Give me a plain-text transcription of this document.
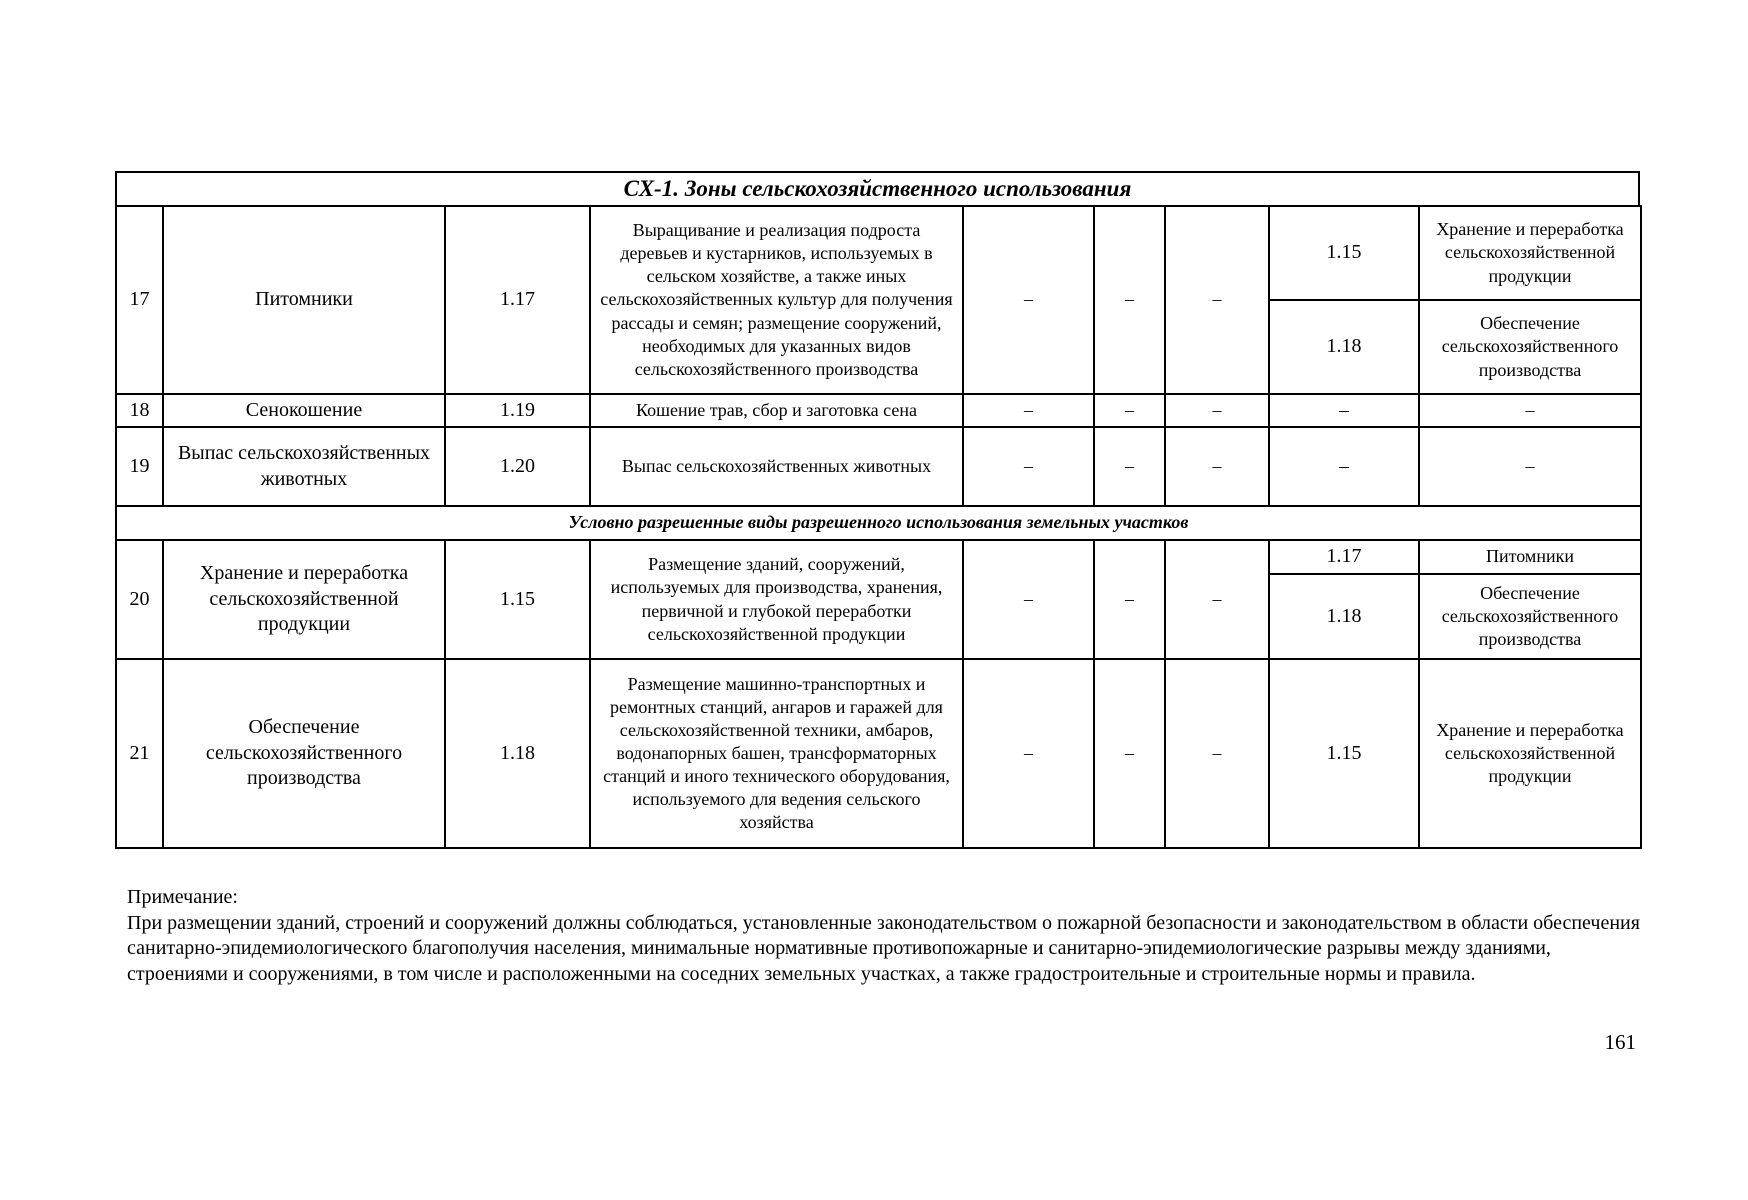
СХ-1. Зоны сельскохозяйственного использования
17	Питомники	1.17	Выращивание и реализация подроста деревьев и кустарников, используемых в сельском хозяйстве, а также иных сельскохозяйственных культур для получения рассады и семян; размещение сооружений, необходимых для указанных видов сельскохозяйственного производства	–	–	–	1.15	Хранение и переработка сельскохозяйственной продукции
							1.18	Обеспечение сельскохозяйственного производства
18	Сенокошение	1.19	Кошение трав, сбор и заготовка сена	–	–	–	–	–
19	Выпас сельскохозяйственных животных	1.20	Выпас сельскохозяйственных животных	–	–	–	–	–
Условно разрешенные виды разрешенного использования земельных участков								
20	Хранение и переработка сельскохозяйственной продукции	1.15	Размещение зданий, сооружений, используемых для производства, хранения, первичной и глубокой переработки сельскохозяйственной продукции	–	–	–	1.17	Питомники
							1.18	Обеспечение сельскохозяйственного производства
21	Обеспечение сельскохозяйственного производства	1.18	Размещение машинно-транспортных и ремонтных станций, ангаров и гаражей для сельскохозяйственной техники, амбаров, водонапорных башен, трансформаторных станций и иного технического оборудования, используемого для ведения сельского хозяйства	–	–	–	1.15	Хранение и переработка сельскохозяйственной продукции

Примечание:

При размещении зданий, строений и сооружений должны соблюдаться, установленные законодательством о пожарной безопасности и законодательством в области обеспечения санитарно-эпидемиологического благополучия населения, минимальные нормативные противопожарные и санитарно-эпидемиологические разрывы между зданиями, строениями и сооружениями, в том числе и расположенными на соседних земельных участках, а также градостроительные и строительные нормы и правила.

161
